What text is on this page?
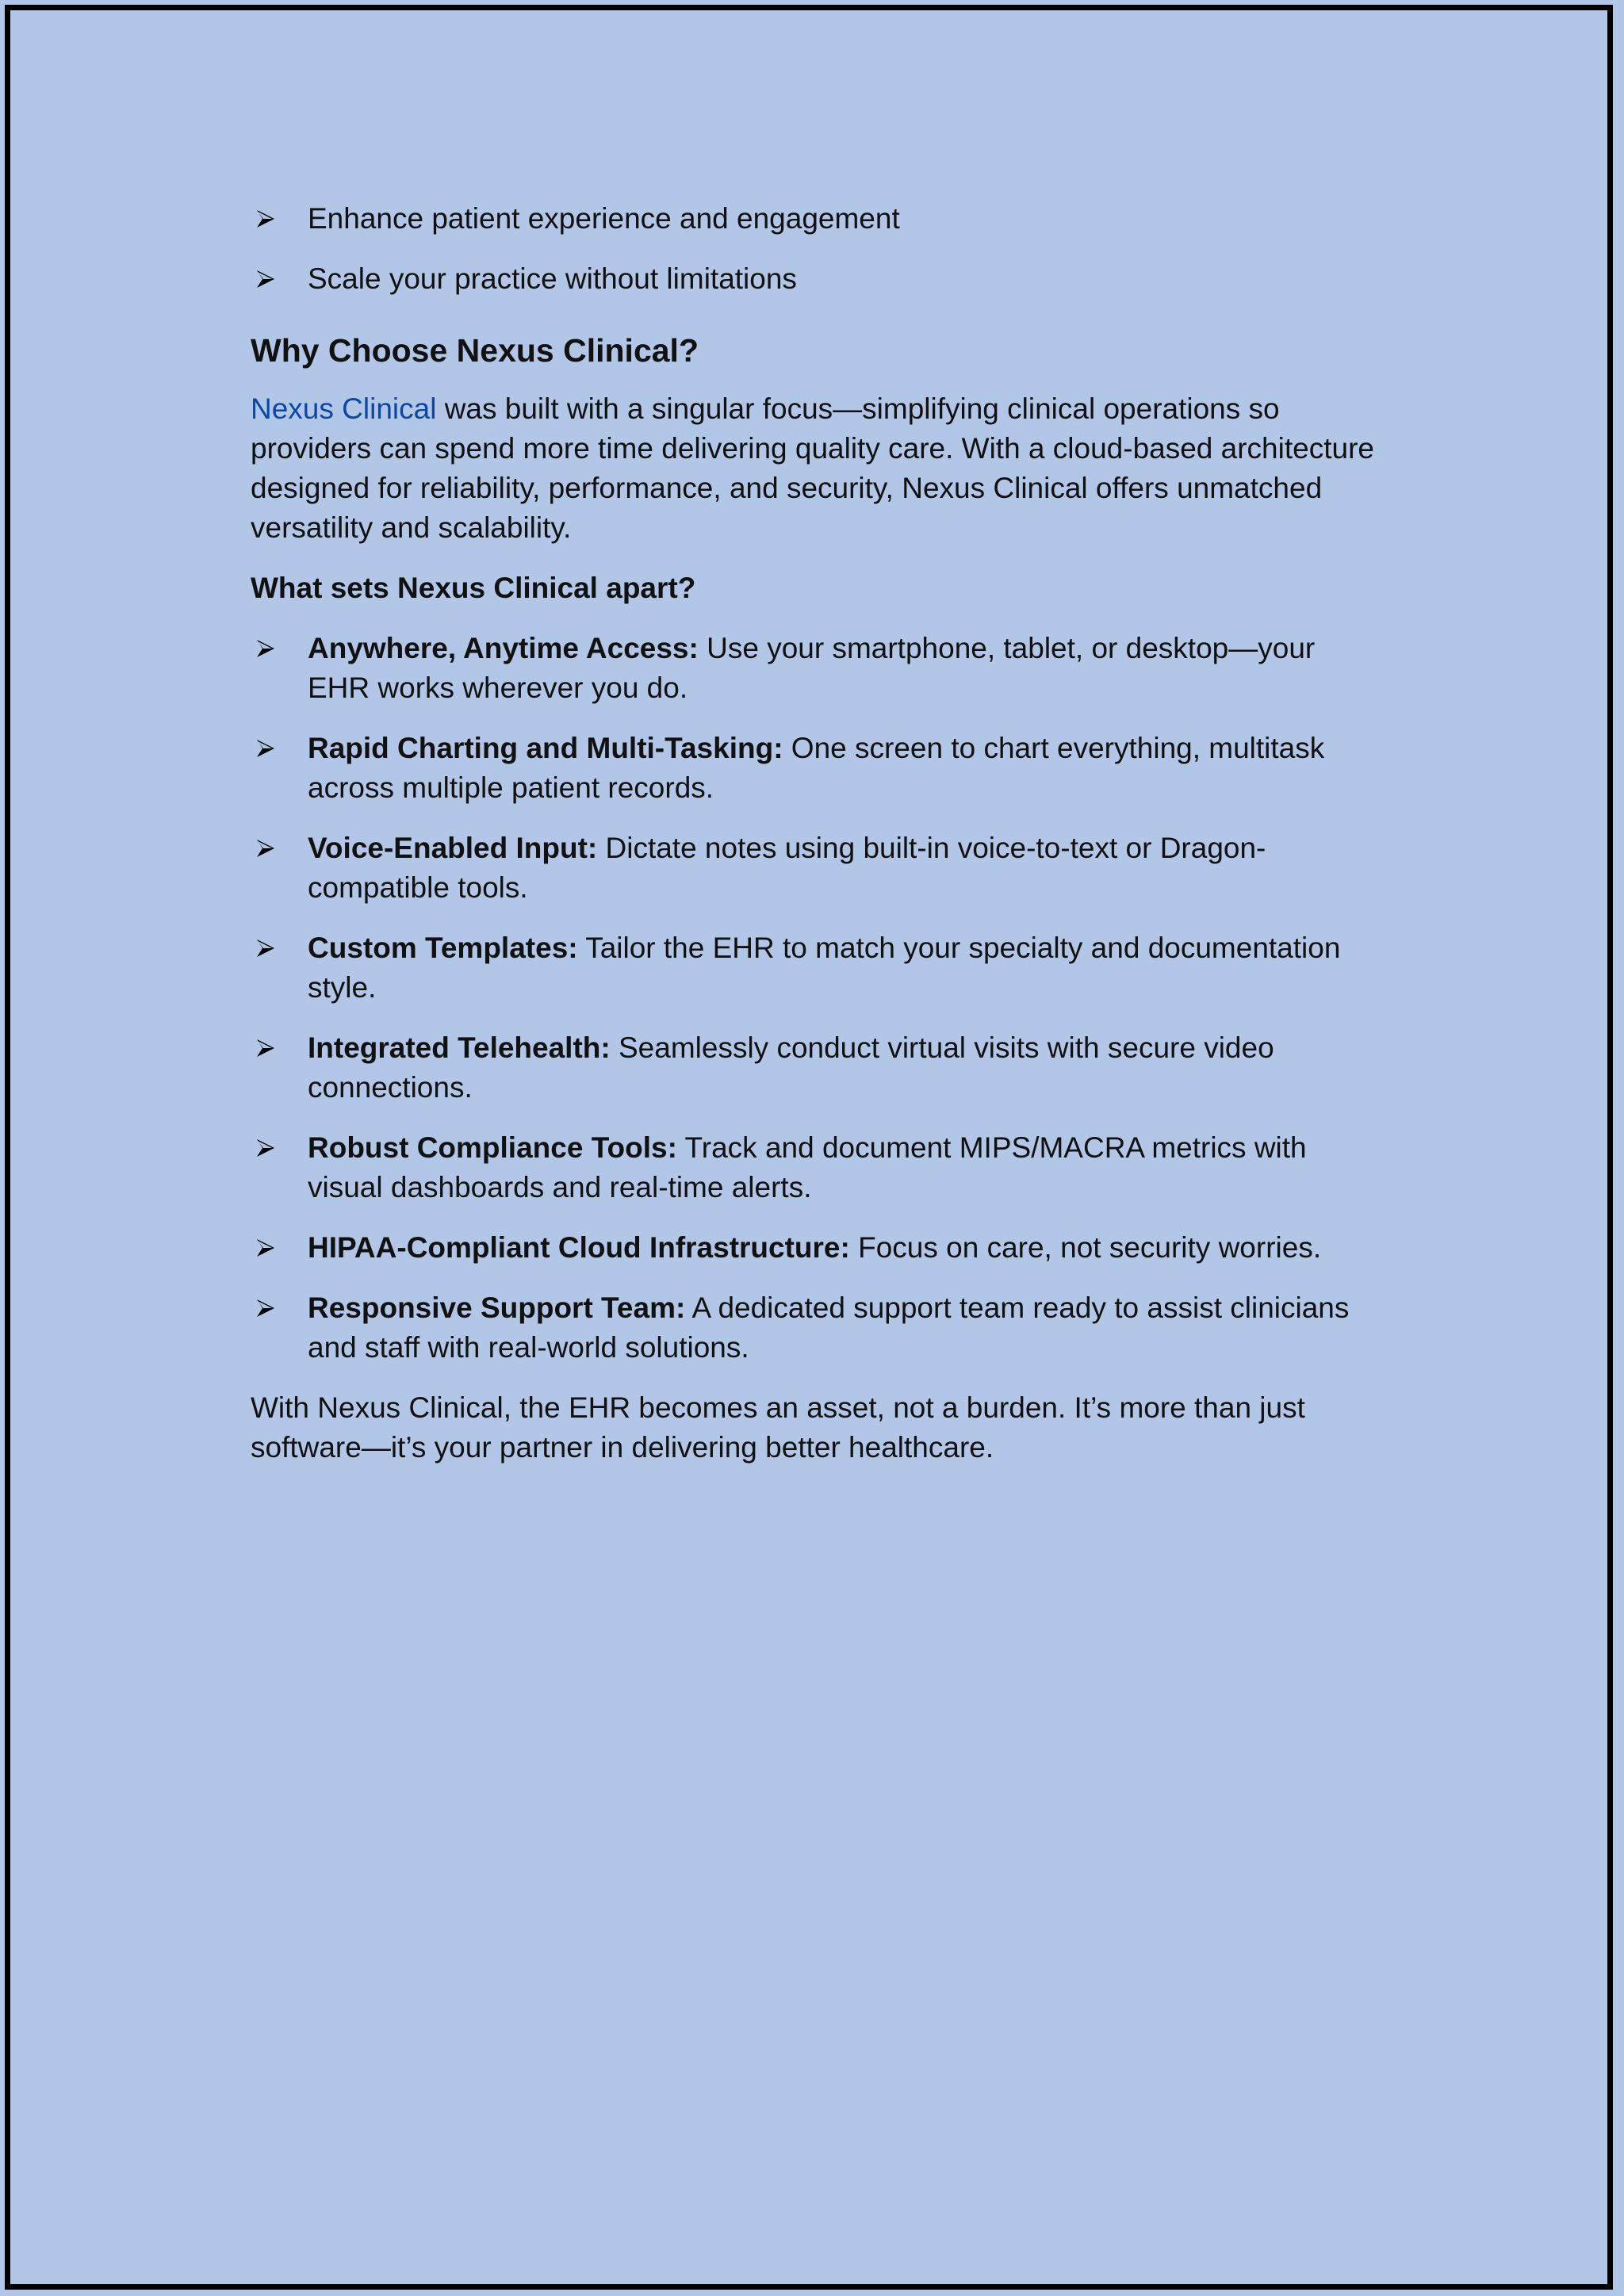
Enhance patient experience and engagement
Scale your practice without limitations
Why Choose Nexus Clinical?

Nexus Clinical was built with a singular focus—simplifying clinical operations so providers can spend more time delivering quality care. With a cloud-based architecture designed for reliability, performance, and security, Nexus Clinical offers unmatched versatility and scalability.

What sets Nexus Clinical apart?

Anywhere, Anytime Access: Use your smartphone, tablet, or desktop—your EHR works wherever you do.
Rapid Charting and Multi-Tasking: One screen to chart everything, multitask across multiple patient records.
Voice-Enabled Input: Dictate notes using built-in voice-to-text or Dragon-compatible tools.
Custom Templates: Tailor the EHR to match your specialty and documentation style.
Integrated Telehealth: Seamlessly conduct virtual visits with secure video connections.
Robust Compliance Tools: Track and document MIPS/MACRA metrics with visual dashboards and real-time alerts.
HIPAA-Compliant Cloud Infrastructure: Focus on care, not security worries.
Responsive Support Team: A dedicated support team ready to assist clinicians and staff with real-world solutions.

With Nexus Clinical, the EHR becomes an asset, not a burden. It’s more than just software—it’s your partner in delivering better healthcare.
